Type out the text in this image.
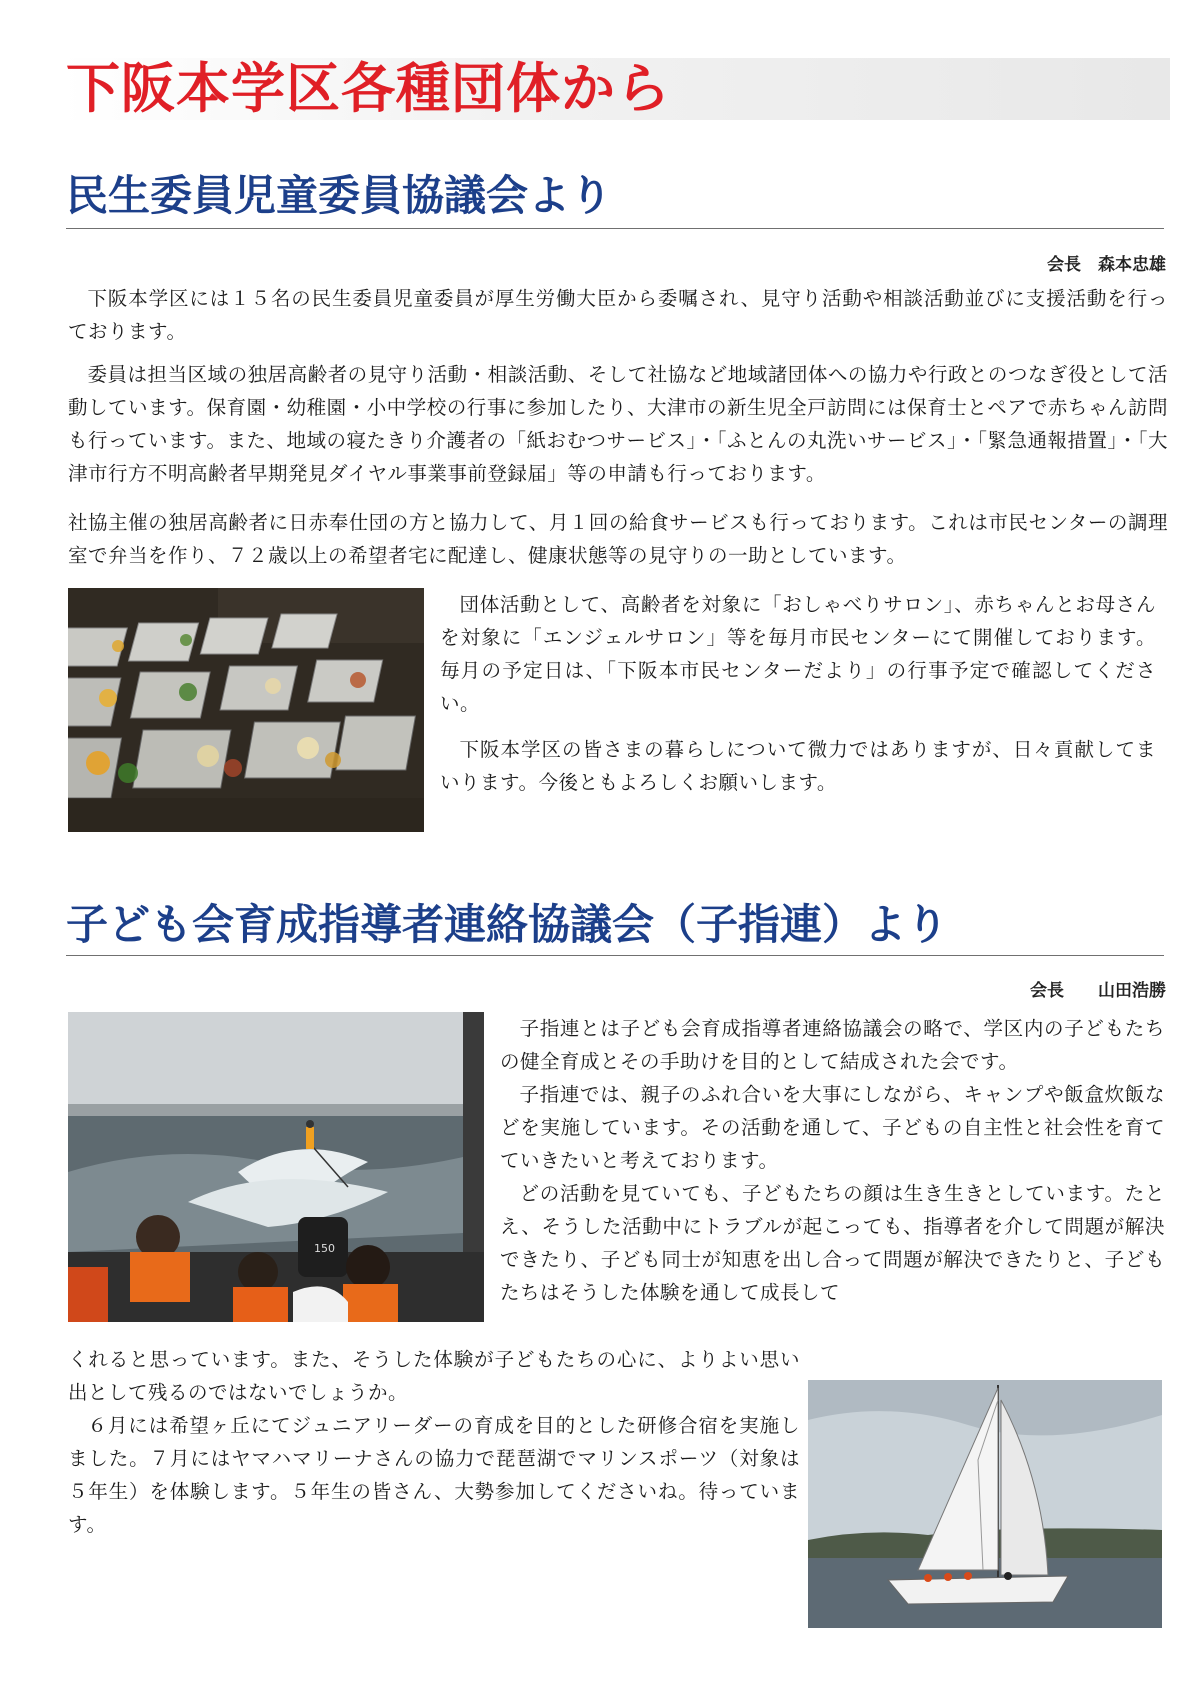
下阪本学区各種団体から
民生委員児童委員協議会より
会長　森本忠雄

下阪本学区には１５名の民生委員児童委員が厚生労働大臣から委嘱され、見守り活動や相談活動並びに支援活動を行っております。

委員は担当区域の独居高齢者の見守り活動・相談活動、そして社協など地域諸団体への協力や行政とのつなぎ役として活動しています。保育園・幼稚園・小中学校の行事に参加したり、大津市の新生児全戸訪問には保育士とペアで赤ちゃん訪問も行っています。また、地域の寝たきり介護者の「紙おむつサービス」・「ふとんの丸洗いサービス」・「緊急通報措置」・「大津市行方不明高齢者早期発見ダイヤル事業事前登録届」等の申請も行っております。

社協主催の独居高齢者に日赤奉仕団の方と協力して、月１回の給食サービスも行っております。これは市民センターの調理室で弁当を作り、７２歳以上の希望者宅に配達し、健康状態等の見守りの一助としています。

団体活動として、高齢者を対象に「おしゃべりサロン」、赤ちゃんとお母さんを対象に「エンジェルサロン」等を毎月市民センターにて開催しております。毎月の予定日は、「下阪本市民センターだより」の行事予定で確認してください。

下阪本学区の皆さまの暮らしについて微力ではありますが、日々貢献してまいります。今後ともよろしくお願いします。

子ども会育成指導者連絡協議会（子指連）より
会長　　山田浩勝
150

子指連とは子ども会育成指導者連絡協議会の略で、学区内の子どもたちの健全育成とその手助けを目的として結成された会です。

子指連では、親子のふれ合いを大事にしながら、キャンプや飯盒炊飯などを実施しています。その活動を通して、子どもの自主性と社会性を育てていきたいと考えております。

どの活動を見ていても、子どもたちの顔は生き生きとしています。たとえ、そうした活動中にトラブルが起こっても、指導者を介して問題が解決できたり、子ども同士が知恵を出し合って問題が解決できたりと、子どもたちはそうした体験を通して成長して

くれると思っています。また、そうした体験が子どもたちの心に、よりよい思い出として残るのではないでしょうか。

６月には希望ヶ丘にてジュニアリーダーの育成を目的とした研修合宿を実施しました。７月にはヤマハマリーナさんの協力で琵琶湖でマリンスポーツ（対象は５年生）を体験します。５年生の皆さん、大勢参加してくださいね。待っています。
